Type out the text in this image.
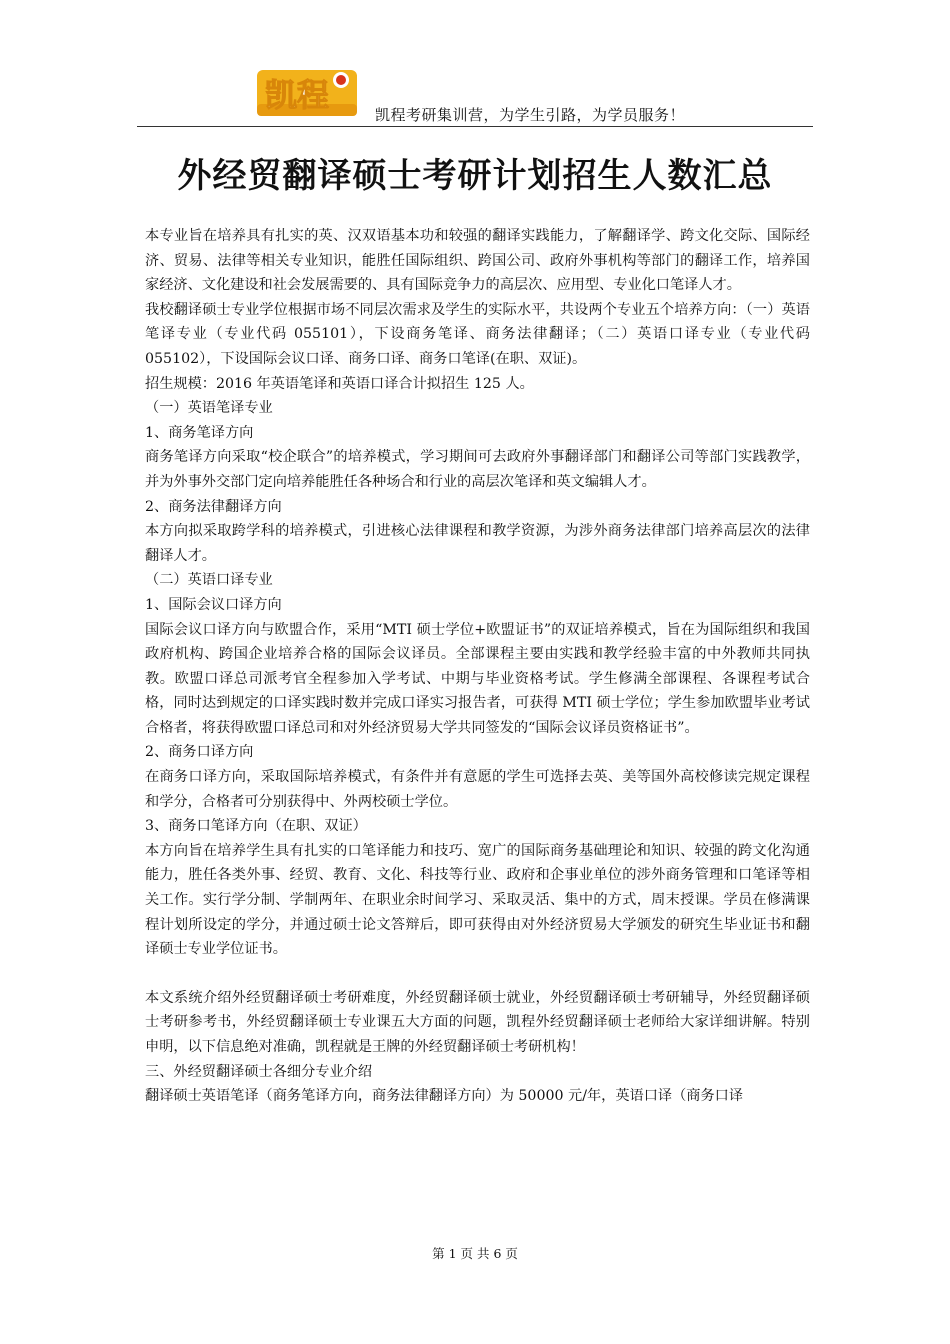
凯程
凯程考研集训营，为学生引路，为学员服务！
外经贸翻译硕士考研计划招生人数汇总

本专业旨在培养具有扎实的英、汉双语基本功和较强的翻译实践能力，了解翻译学、跨文化交际、国际经济、贸易、法律等相关专业知识，能胜任国际组织、跨国公司、政府外事机构等部门的翻译工作，培养国家经济、文化建设和社会发展需要的、具有国际竞争力的高层次、应用型、专业化口笔译人才。

我校翻译硕士专业学位根据市场不同层次需求及学生的实际水平，共设两个专业五个培养方向：（一）英语笔译专业（专业代码 055101），下设商务笔译、商务法律翻译；（二）英语口译专业（专业代码 055102），下设国际会议口译、商务口译、商务口笔译(在职、双证)。

招生规模：2016 年英语笔译和英语口译合计拟招生 125 人。

（一）英语笔译专业

1、商务笔译方向

商务笔译方向采取“校企联合”的培养模式，学习期间可去政府外事翻译部门和翻译公司等部门实践教学，并为外事外交部门定向培养能胜任各种场合和行业的高层次笔译和英文编辑人才。

2、商务法律翻译方向

本方向拟采取跨学科的培养模式，引进核心法律课程和教学资源，为涉外商务法律部门培养高层次的法律翻译人才。

（二）英语口译专业

1、国际会议口译方向

国际会议口译方向与欧盟合作，采用“MTI 硕士学位+欧盟证书”的双证培养模式，旨在为国际组织和我国政府机构、跨国企业培养合格的国际会议译员。全部课程主要由实践和教学经验丰富的中外教师共同执教。欧盟口译总司派考官全程参加入学考试、中期与毕业资格考试。学生修满全部课程、各课程考试合格，同时达到规定的口译实践时数并完成口译实习报告者，可获得 MTI 硕士学位；学生参加欧盟毕业考试合格者，将获得欧盟口译总司和对外经济贸易大学共同签发的“国际会议译员资格证书”。

2、商务口译方向

在商务口译方向，采取国际培养模式，有条件并有意愿的学生可选择去英、美等国外高校修读完规定课程和学分，合格者可分别获得中、外两校硕士学位。

3、商务口笔译方向（在职、双证）

本方向旨在培养学生具有扎实的口笔译能力和技巧、宽广的国际商务基础理论和知识、较强的跨文化沟通能力，胜任各类外事、经贸、教育、文化、科技等行业、政府和企事业单位的涉外商务管理和口笔译等相关工作。实行学分制、学制两年、在职业余时间学习、采取灵活、集中的方式，周末授课。学员在修满课程计划所设定的学分，并通过硕士论文答辩后，即可获得由对外经济贸易大学颁发的研究生毕业证书和翻译硕士专业学位证书。

本文系统介绍外经贸翻译硕士考研难度，外经贸翻译硕士就业，外经贸翻译硕士考研辅导，外经贸翻译硕士考研参考书，外经贸翻译硕士专业课五大方面的问题，凯程外经贸翻译硕士老师给大家详细讲解。特别申明，以下信息绝对准确，凯程就是王牌的外经贸翻译硕士考研机构！

三、外经贸翻译硕士各细分专业介绍

翻译硕士英语笔译（商务笔译方向，商务法律翻译方向）为 50000 元/年，英语口译（商务口译

第 1 页 共 6 页
